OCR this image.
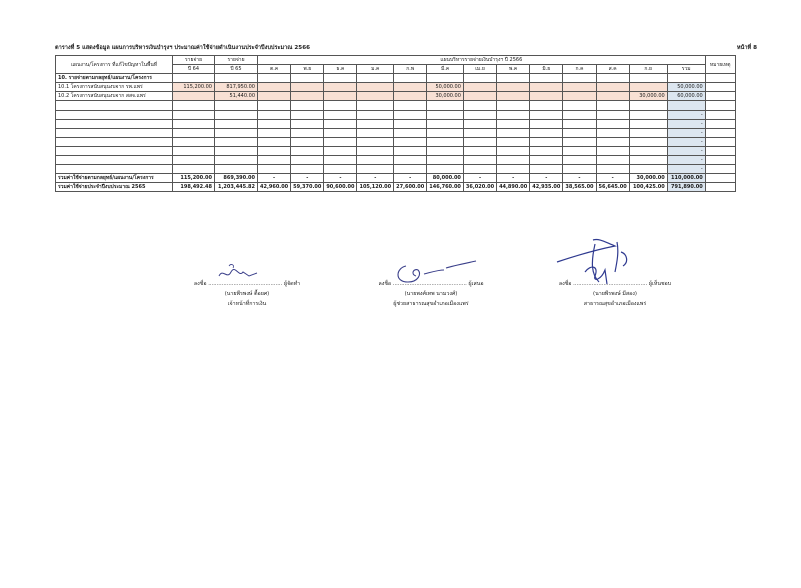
ตารางที่ 5 แสดงข้อมูล แผนการบริหารเงินบำรุงฯ ประมาณค่าใช้จ่ายดำเนินงานประจำปีงบประมาณ 2566	หน้าที่ 8
แผนงาน/โครงการ ที่แก้ไขปัญหาในพื้นที่	รายจ่าย	รายจ่าย	แผนบริหารรายจ่ายเงินบำรุงฯ ปี 2566													หมายเหตุ
	ปี 64	ปี 65	ต.ค	พ.ย	ธ.ค	ม.ค	ก.พ	มี.ค	เม.ย	พ.ค	มิ.ย	ก.ค	ส.ค	ก.ย	รวม	
10. รายจ่ายตามกลยุทธ์/แผนงาน/โครงการ																
10.1 โครงการสนับสนุนงบจาก รพ.แพร่	115,200.00	817,950.00						50,000.00							50,000.00	
10.2 โครงการสนับสนุนงบจาก สสจ.แพร่		51,440.00						30,000.00						30,000.00	60,000.00	

															-	
															-	
															-	
															-	
															-	
															-	
															-	
รวมค่าใช้จ่ายตามกลยุทธ์/แผนงาน/โครงการ	115,200.00	869,390.00	-	-	-	-	-	80,000.00	-	-	-	-	-	30,000.00	110,000.00	
รวมค่าใช้จ่ายประจำปีงบประมาณ 2565	198,492.48	1,203,445.82	42,960.00	59,370.00	90,600.00	105,120.00	27,600.00	146,760.00	36,020.00	44,890.00	42,935.00	38,565.00	56,645.00	100,425.00	791,890.00	
ลงชื่อ ............................................ ผู้จัดทำ
(นายพีรพงษ์ ตื้อยศ)
เจ้าหน้าที่การเงิน
ลงชื่อ ............................................ ผู้เสนอ
(นายพงศ์เทพ นามวงศ์)
ผู้ช่วยสาธารณสุขอำเภอเมืองแพร่
ลงชื่อ ............................................ ผู้เห็นชอบ
(นายพีรพงษ์ มีสอง)
สาธารณสุขอำเภอเมืองแพร่
